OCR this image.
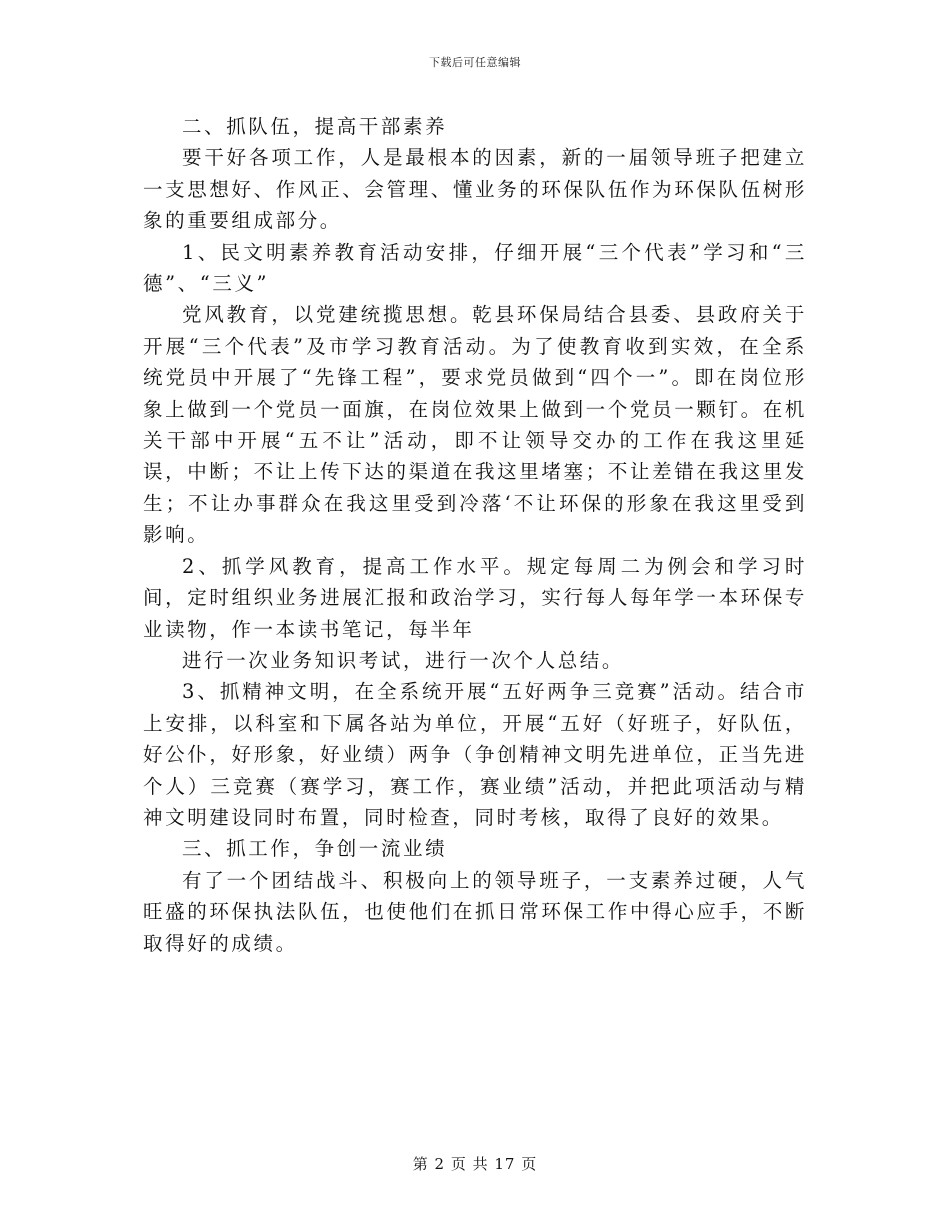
下载后可任意编辑

二、抓队伍，提高干部素养

要干好各项工作，人是最根本的因素，新的一届领导班子把建立一支思想好、作风正、会管理、懂业务的环保队伍作为环保队伍树形象的重要组成部分。

1、民文明素养教育活动安排，仔细开展“三个代表”学习和“三德”、“三义”

党风教育，以党建统揽思想。乾县环保局结合县委、县政府关于开展“三个代表”及市学习教育活动。为了使教育收到实效，在全系统党员中开展了“先锋工程”，要求党员做到“四个一”。即在岗位形象上做到一个党员一面旗，在岗位效果上做到一个党员一颗钉。在机关干部中开展“五不让”活动，即不让领导交办的工作在我这里延误，中断；不让上传下达的渠道在我这里堵塞；不让差错在我这里发生；不让办事群众在我这里受到冷落‘不让环保的形象在我这里受到影响。

2、抓学风教育，提高工作水平。规定每周二为例会和学习时间，定时组织业务进展汇报和政治学习，实行每人每年学一本环保专业读物，作一本读书笔记，每半年

进行一次业务知识考试，进行一次个人总结。

3、抓精神文明，在全系统开展“五好两争三竞赛”活动。结合市上安排，以科室和下属各站为单位，开展“五好（好班子，好队伍，好公仆，好形象，好业绩）两争（争创精神文明先进单位，正当先进个人）三竞赛（赛学习，赛工作，赛业绩”活动，并把此项活动与精神文明建设同时布置，同时检查，同时考核，取得了良好的效果。

三、抓工作，争创一流业绩

有了一个团结战斗、积极向上的领导班子，一支素养过硬，人气旺盛的环保执法队伍，也使他们在抓日常环保工作中得心应手，不断取得好的成绩。

第 2 页 共 17 页
